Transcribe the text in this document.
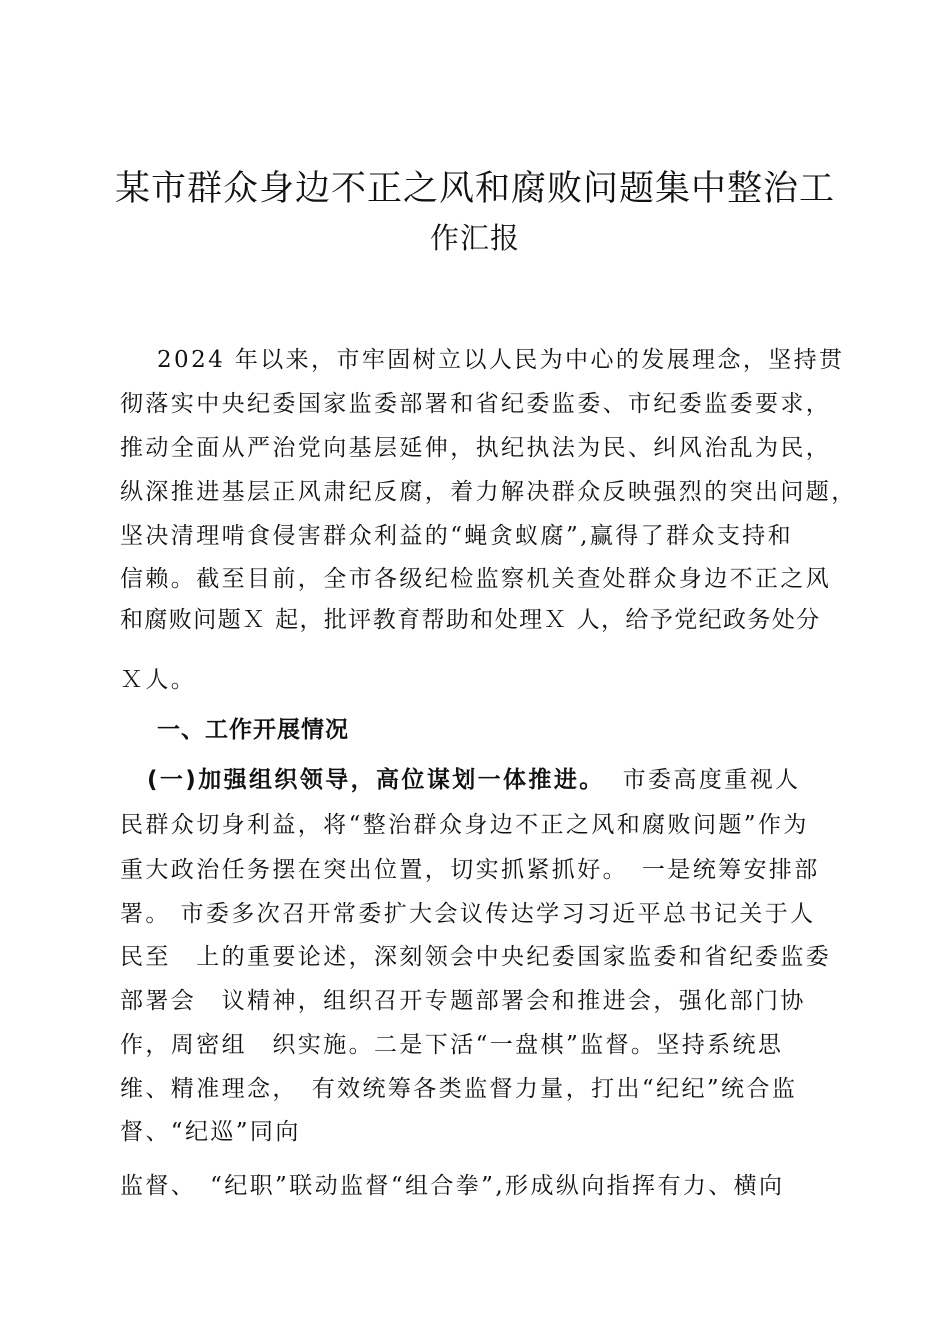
某市群众身边不正之风和腐败问题集中整治工
作汇报
2024 年以来，市牢固树立以人民为中心的发展理念，坚持贯
彻落实中央纪委国家监委部署和省纪委监委、市纪委监委要求，
推动全面从严治党向基层延伸，执纪执法为民、纠风治乱为民，
纵深推进基层正风肃纪反腐，着力解决群众反映强烈的突出问题，
坚决清理啃食侵害群众利益的“蝇贪蚁腐”,赢得了群众支持和
信赖。截至目前，全市各级纪检监察机关查处群众身边不正之风
和腐败问题Ｘ 起，批评教育帮助和处理Ｘ 人，给予党纪政务处分
Ｘ人。
一、工作开展情况
(一)加强组织领导，高位谋划一体推进。 市委高度重视人
民群众切身利益，将“整治群众身边不正之风和腐败问题”作为
重大政治任务摆在突出位置，切实抓紧抓好。　一是统筹安排部
署。 市委多次召开常委扩大会议传达学习习近平总书记关于人
民至　上的重要论述，深刻领会中央纪委国家监委和省纪委监委
部署会　议精神，组织召开专题部署会和推进会，强化部门协
作，周密组　织实施。二是下活“一盘棋”监督。坚持系统思
维、精准理念，　有效统筹各类监督力量，打出“纪纪”统合监
督、“纪巡”同向
监督、　“纪职”联动监督“组合拳”,形成纵向指挥有力、横向
